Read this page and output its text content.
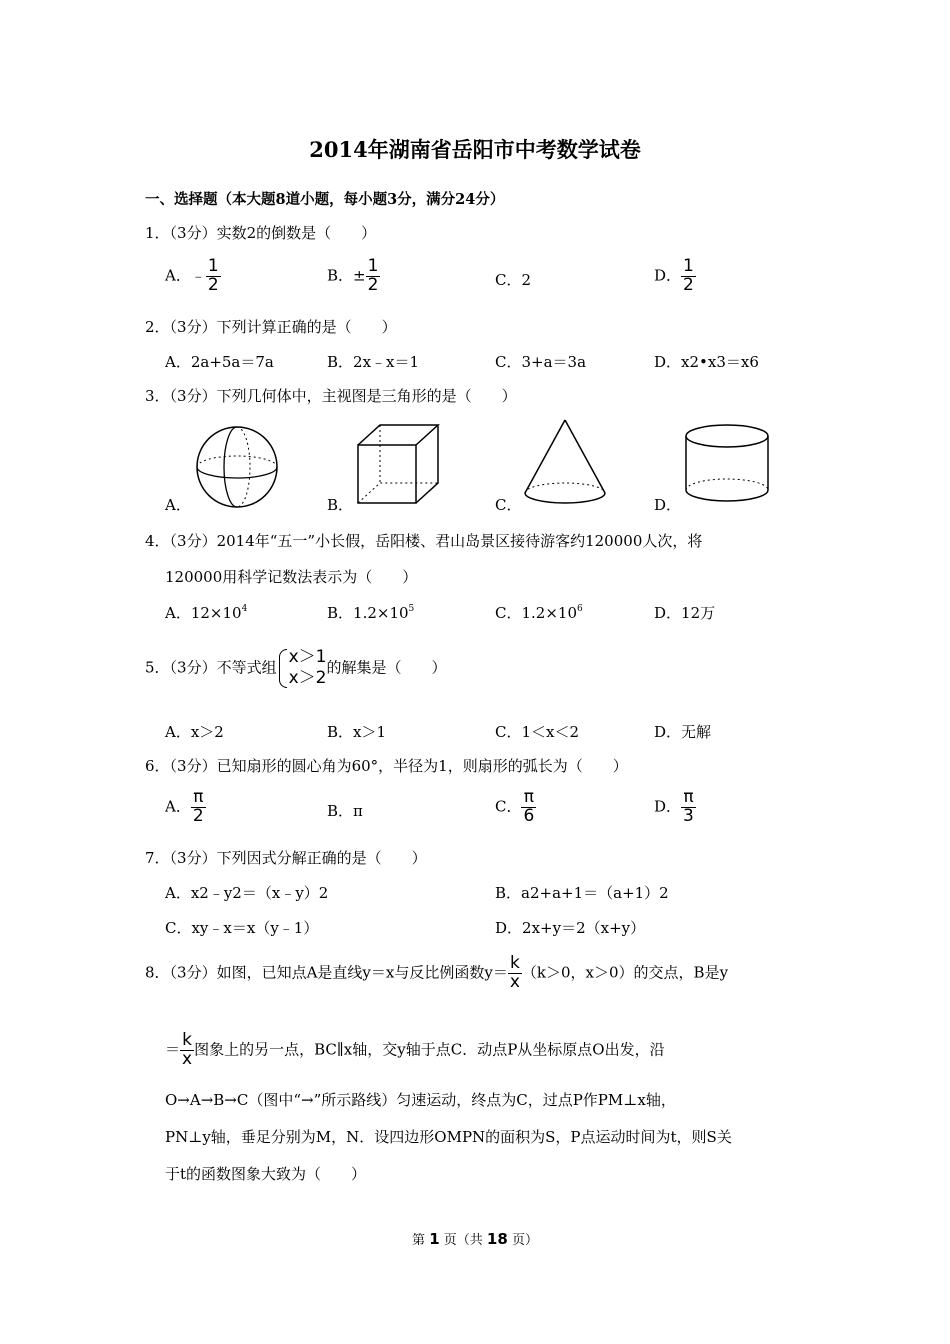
2014年湖南省岳阳市中考数学试卷
一、选择题（本大题8道小题，每小题3分，满分24分）
1．（3分）实数2的倒数是（　　）
A．﹣ $\frac{1}{2}$	B．± $\frac{1}{2}$	C．2	D． $\frac{1}{2}$
2．（3分）下列计算正确的是（　　）
A．2a+5a＝7a	B．2x﹣x＝1	C．3+a＝3a	D．x2•x3＝x6
3．（3分）下列几何体中，主视图是三角形的是（　　）
A．	B．	C．	D．
4．（3分）2014年“五一”小长假，岳阳楼、君山岛景区接待游客约120000人次，将
120000用科学记数法表示为（　　）
A．$12\times 10^4$	B．$1.2\times 10^5$	C．$1.2\times 10^6$	D．12万
5．（3分）不等式组
x＞1
x＞2
的解集是（　　）
A．x＞2	B．x＞1	C．1＜x＜2	D．无解
6．（3分）已知扇形的圆心角为60°，半径为1，则扇形的弧长为（　　）
A． $\frac{\pi}{2}$	B．π	C． $\frac{\pi}{6}$	D． $\frac{\pi}{3}$
7．（3分）下列因式分解正确的是（　　）
A．x2﹣y2＝（x﹣y）2	B．a2+a+1＝（a+1）2
C．xy﹣x＝x（y﹣1）	D．2x+y＝2（x+y）
8．（3分）如图，已知点A是直线y＝x与反比例函数$y= \frac{k}{x} (k>0$，x＞0）的交点，B是y
＝ $\frac{k}{x}$ 图象上的另一点，BC∥x轴，交y轴于点C．动点P从坐标原点O出发，沿
O→A→B→C（图中“→”所示路线）匀速运动，终点为C，过点P作PM⊥x轴，
PN⊥y轴，垂足分别为M，N．设四边形OMPN的面积为S，P点运动时间为t，则S关
于t的函数图象大致为（　　）
第 1 页（共 18 页）
